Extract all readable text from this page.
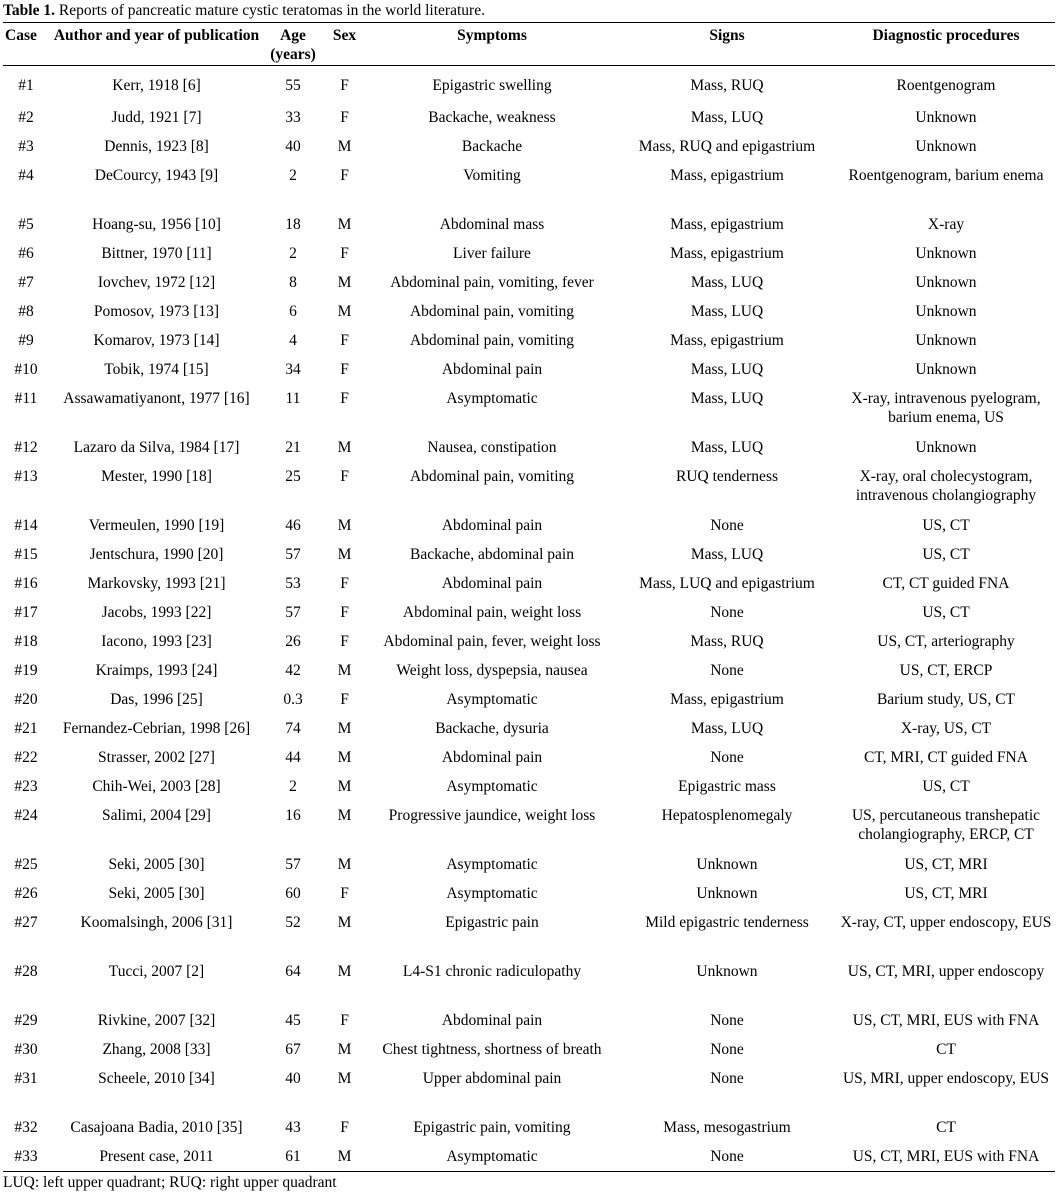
Table 1. Reports of pancreatic mature cystic teratomas in the world literature.
Case	Author and year of publication	Age (years)	Sex	Symptoms	Signs	Diagnostic procedures
#1	Kerr, 1918 [6]	55	F	Epigastric swelling	Mass, RUQ	Roentgenogram
#2	Judd, 1921 [7]	33	F	Backache, weakness	Mass, LUQ	Unknown
#3	Dennis, 1923 [8]	40	M	Backache	Mass, RUQ and epigastrium	Unknown
#4	DeCourcy, 1943 [9]	2	F	Vomiting	Mass, epigastrium	Roentgenogram, barium enema
#5	Hoang-su, 1956 [10]	18	M	Abdominal mass	Mass, epigastrium	X-ray
#6	Bittner, 1970 [11]	2	F	Liver failure	Mass, epigastrium	Unknown
#7	Iovchev, 1972 [12]	8	M	Abdominal pain, vomiting, fever	Mass, LUQ	Unknown
#8	Pomosov, 1973 [13]	6	M	Abdominal pain, vomiting	Mass, LUQ	Unknown
#9	Komarov, 1973 [14]	4	F	Abdominal pain, vomiting	Mass, epigastrium	Unknown
#10	Tobik, 1974 [15]	34	F	Abdominal pain	Mass, LUQ	Unknown
#11	Assawamatiyanont, 1977 [16]	11	F	Asymptomatic	Mass, LUQ	X-ray, intravenous pyelogram, barium enema, US
#12	Lazaro da Silva, 1984 [17]	21	M	Nausea, constipation	Mass, LUQ	Unknown
#13	Mester, 1990 [18]	25	F	Abdominal pain, vomiting	RUQ tenderness	X-ray, oral cholecystogram, intravenous cholangiography
#14	Vermeulen, 1990 [19]	46	M	Abdominal pain	None	US, CT
#15	Jentschura, 1990 [20]	57	M	Backache, abdominal pain	Mass, LUQ	US, CT
#16	Markovsky, 1993 [21]	53	F	Abdominal pain	Mass, LUQ and epigastrium	CT, CT guided FNA
#17	Jacobs, 1993 [22]	57	F	Abdominal pain, weight loss	None	US, CT
#18	Iacono, 1993 [23]	26	F	Abdominal pain, fever, weight loss	Mass, RUQ	US, CT, arteriography
#19	Kraimps, 1993 [24]	42	M	Weight loss, dyspepsia, nausea	None	US, CT, ERCP
#20	Das, 1996 [25]	0.3	F	Asymptomatic	Mass, epigastrium	Barium study, US, CT
#21	Fernandez-Cebrian, 1998 [26]	74	M	Backache, dysuria	Mass, LUQ	X-ray, US, CT
#22	Strasser, 2002 [27]	44	M	Abdominal pain	None	CT, MRI, CT guided FNA
#23	Chih-Wei, 2003 [28]	2	M	Asymptomatic	Epigastric mass	US, CT
#24	Salimi, 2004 [29]	16	M	Progressive jaundice, weight loss	Hepatosplenomegaly	US, percutaneous transhepatic cholangiography, ERCP, CT
#25	Seki, 2005 [30]	57	M	Asymptomatic	Unknown	US, CT, MRI
#26	Seki, 2005 [30]	60	F	Asymptomatic	Unknown	US, CT, MRI
#27	Koomalsingh, 2006 [31]	52	M	Epigastric pain	Mild epigastric tenderness	X-ray, CT, upper endoscopy, EUS
#28	Tucci, 2007 [2]	64	M	L4-S1 chronic radiculopathy	Unknown	US, CT, MRI, upper endoscopy
#29	Rivkine, 2007 [32]	45	F	Abdominal pain	None	US, CT, MRI, EUS with FNA
#30	Zhang, 2008 [33]	67	M	Chest tightness, shortness of breath	None	CT
#31	Scheele, 2010 [34]	40	M	Upper abdominal pain	None	US, MRI, upper endoscopy, EUS
#32	Casajoana Badia, 2010 [35]	43	F	Epigastric pain, vomiting	Mass, mesogastrium	CT
#33	Present case, 2011	61	M	Asymptomatic	None	US, CT, MRI, EUS with FNA
LUQ: left upper quadrant; RUQ: right upper quadrant
